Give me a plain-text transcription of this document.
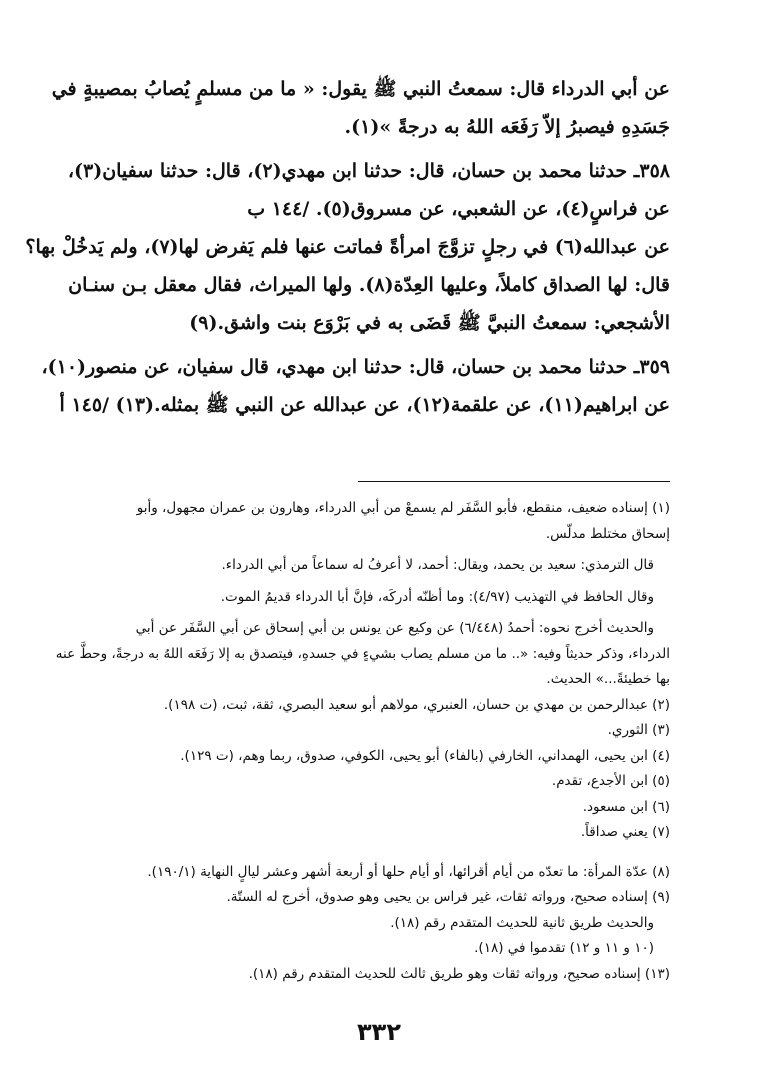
عن أبي الدرداء قال: سمعتُ النبي ﷺ يقول: « ما من مسلمٍ يُصابُ بمصيبةٍ في
جَسَدِهِ فيصبرُ إلاّ رَفَعَه اللهُ به درجةً »(١).
٣٥٨ـ حدثنا محمد بن حسان، قال: حدثنا ابن مهدي(٢)، قال: حدثنا سفيان(٣)،
عن فراسٍ(٤)، عن الشعبي، عن مسروق(٥). /١٤٤ ب
عن عبدالله(٦) في رجلٍ تزوَّجَ امرأةً فماتت عنها فلم يَفرض لها(٧)، ولم يَدخُلْ بها؟
قال: لها الصداق كاملاً، وعليها العِدّة(٨). ولها الميراث، فقال معقل بـن سنـان
الأشجعي: سمعتُ النبيَّ ﷺ قَضَى به في بَرْوَع بنت واشق.(٩)
٣٥٩ـ حدثنا محمد بن حسان، قال: حدثنا ابن مهدي، قال سفيان، عن منصور(١٠)،
عن ابراهيم(١١)، عن علقمة(١٢)، عن عبدالله عن النبي ﷺ بمثله.(١٣) /١٤٥ أ
(١) إسناده ضعيف، منقطع، فأبو السَّفَر لم يسمعْ من أبي الدرداء، وهارون بن عمران مجهول، وأبو
إسحاق مختلط مدلّس.
قال الترمذي: سعيد بن يحمد، ويقال: أحمد، لا أعرفُ له سماعاً من أبي الدرداء.
وقال الحافظ في التهذيب (٤/٩٧): وما أظنّه أدركَه، فإنَّ أبا الدرداء قديمُ الموت.
والحديث أخرج نحوه: أحمدُ (٦/٤٤٨) عن وكيع عن يونس بن أبي إسحاق عن أبي السَّفَر عن أبي
الدرداء، وذكر حديثاً وفيه: «.. ما من مسلم يصاب بشيءٍ في جسدهِ، فيتصدق به إلا رَفَعَه اللهُ به درجةً، وحطَّ عنه
بها خطيئةً...» الحديث.
(٢) عبدالرحمن بن مهدي بن حسان، العنبري، مولاهم أبو سعيد البصري، ثقة، ثبت، (ت ١٩٨).
(٣) الثوري.
(٤) ابن يحيى، الهمداني، الخارفي (بالفاء) أبو يحيى، الكوفي، صدوق، ربما وهم، (ت ١٢٩).
(٥) ابن الأجدع، تقدم.
(٦) ابن مسعود.
(٧) يعني صداقاً.
(٨) عدّة المرأة: ما تعدّه من أيام أقرائها، أو أيام حلها أو أربعة أشهر وعشر ليالٍ النهاية (١٩٠/١).
(٩) إسناده صحيح، ورواته ثقات، غير فراس بن يحيى وهو صدوق، أخرج له الستّة.
والحديث طريق ثانية للحديث المتقدم رقم (١٨).
(١٠ و ١١ و ١٢) تقدموا في (١٨).
(١٣) إسناده صحيح، ورواته ثقات وهو طريق ثالث للحديث المتقدم رقم (١٨).
٣٣٢
